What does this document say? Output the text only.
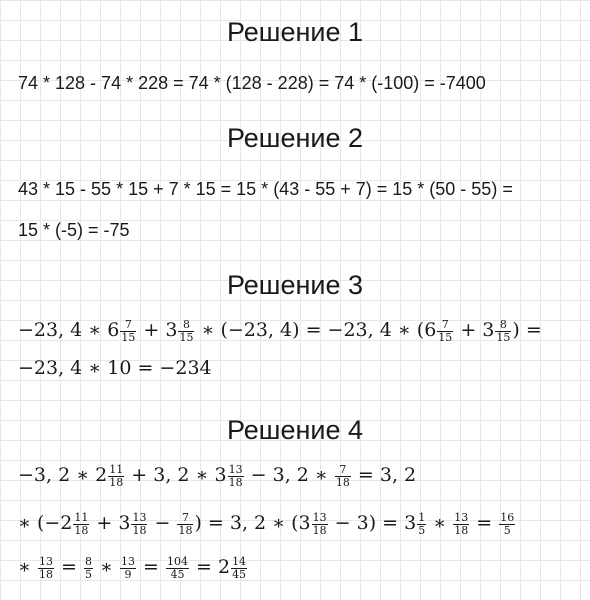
Решение 1
74 * 128 - 74 * 228 = 74 * (128 - 228) = 74 * (-100) = -7400
Решение 2
43 * 15 - 55 * 15 + 7 * 15 = 15 * (43 - 55 + 7) = 15 * (50 - 55) =
15 * (-5) = -75
Решение 3
−23, 4 ∗ $6 \frac{7}{15} + 3 \frac{8}{15}$ ∗ (−23, 4) = −23, 4 ∗ ($6 \frac{7}{15} + 3 \frac{8}{15}$ ) =
−23, 4 ∗ 10 = −234
Решение 4
−3, 2 ∗ $2 \frac{11}{18} + 3$, 2 ∗ $3 \frac{13}{18} - 3$, 2 ∗ $\frac{7}{18} = 3$, 2
∗ ($-2 \frac{11}{18} + 3 \frac{13}{18} - \frac{7}{18}$ ) = 3, 2 ∗ $(3 \frac{13}{18} - 3) = 3 \frac{1}{5}$ ∗ $\frac{13}{18} = \frac{16}{5}$
∗ $\frac{13}{18} = \frac{8}{5}$ ∗ $\frac{13}{9} = \frac{104}{45} = 2 \frac{14}{45}$
